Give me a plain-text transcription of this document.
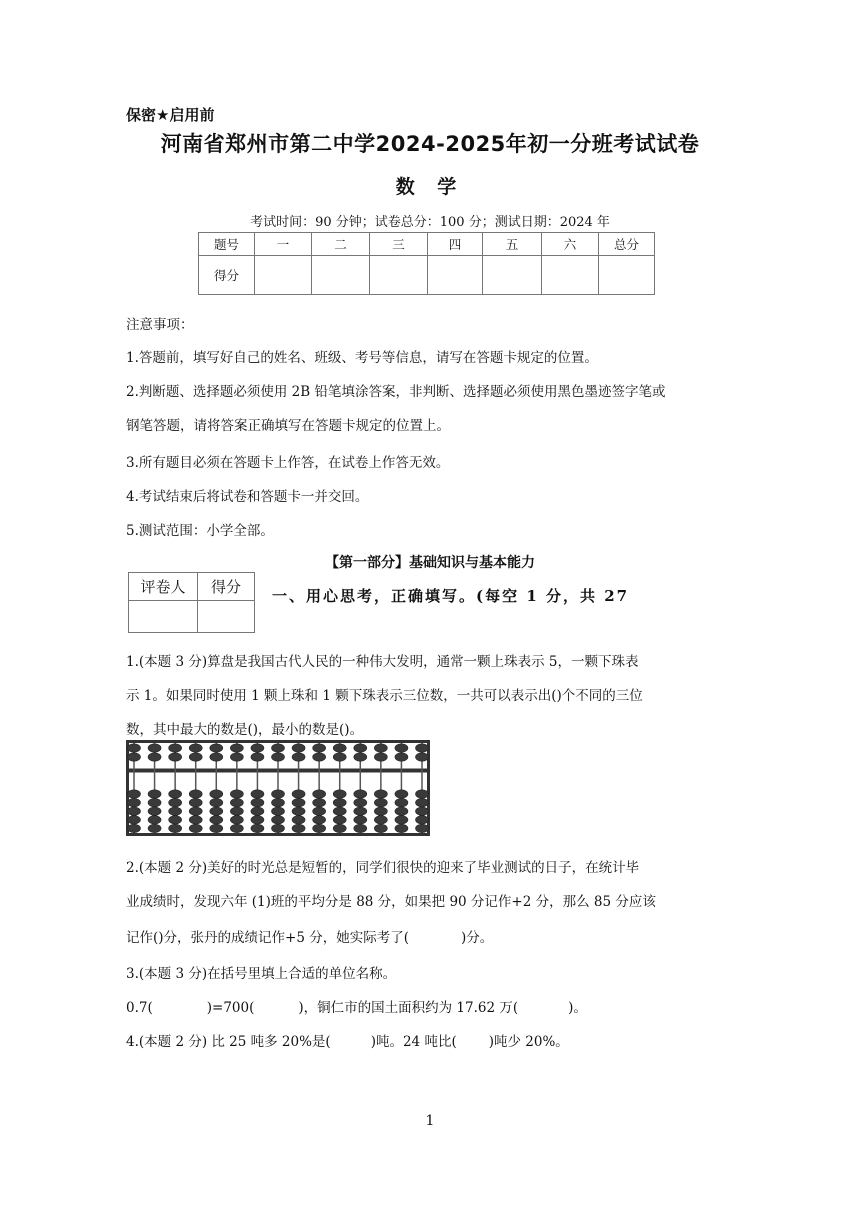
保密★启用前
河南省郑州市第二中学2024-2025年初一分班考试试卷
数 学
考试时间：90 分钟；试卷总分：100 分；测试日期：2024 年
题号	一	二	三	四	五	六	总分
得分							
注意事项：
1.答题前，填写好自己的姓名、班级、考号等信息，请写在答题卡规定的位置。
2.判断题、选择题必须使用 2B 铅笔填涂答案，非判断、选择题必须使用黑色墨迹签字笔或
钢笔答题，请将答案正确填写在答题卡规定的位置上。
3.所有题目必须在答题卡上作答，在试卷上作答无效。
4.考试结束后将试卷和答题卡一并交回。
5.测试范围：小学全部。
【第一部分】基础知识与基本能力
评卷人	得分
	一、用心思考，正确填写。(每空 1 分，共 27
1.(本题 3 分)算盘是我国古代人民的一种伟大发明，通常一颗上珠表示 5，一颗下珠表
示 1。如果同时使用 1 颗上珠和 1 颗下珠表示三位数，一共可以表示出()个不同的三位
数，其中最大的数是()，最小的数是()。
2.(本题 2 分)美好的时光总是短暂的，同学们很快的迎来了毕业测试的日子，在统计毕
业成绩时，发现六年 (1)班的平均分是 88 分，如果把 90 分记作+2 分，那么 85 分应该
记作()分，张丹的成绩记作+5 分，她实际考了(	)分。
3.(本题 3 分)在括号里填上合适的单位名称。
0.7(	)=700(	)，铜仁市的国土面积约为 17.62 万(	)。
4.(本题 2 分) 比 25 吨多 20%是(	)吨。24 吨比( )吨少 20%。
1
